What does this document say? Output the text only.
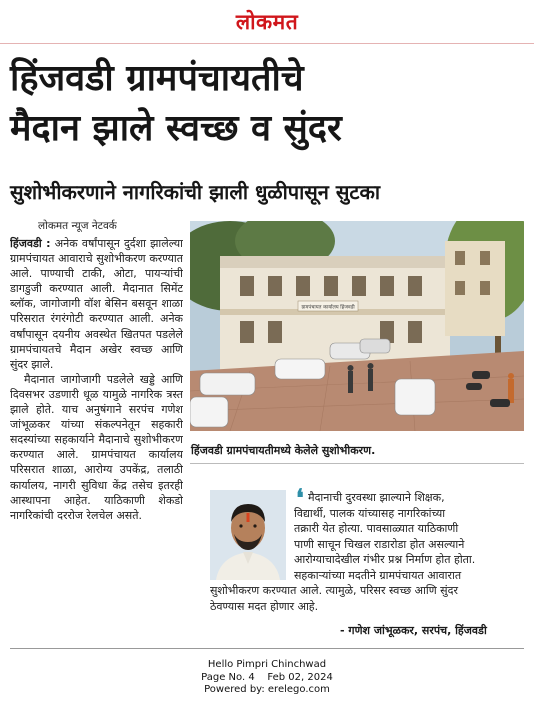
लोकमत
हिंजवडी ग्रामपंचायतीचे
मैदान झाले स्वच्छ व सुंदर
सुशोभीकरणाने नागरिकांची झाली धुळीपासून सुटका
लोकमत न्यूज नेटवर्क

हिंजवडी : अनेक वर्षांपासून दुर्दशा झालेल्या ग्रामपंचायत आवाराचे सुशोभीकरण करण्यात आले. पाण्याची टाकी, ओटा, पायऱ्यांची डागडुजी करण्यात आली. मैदानात सिमेंट ब्लॉक, जागोजागी वॉश बेसिन बसवून शाळा परिसरात रंगरंगोटी करण्यात आली. अनेक वर्षांपासून दयनीय अवस्थेत खितपत पडलेले ग्रामपंचायतचे मैदान अखेर स्वच्छ आणि सुंदर झाले.

मैदानात जागोजागी पडलेले खड्डे आणि दिवसभर उडणारी धूळ यामुळे नागरिक त्रस्त झाले होते. याच अनुषंगाने सरपंच गणेश जांभूळकर यांच्या संकल्पनेतून सहकारी सदस्यांच्या सहकार्याने मैदानाचे सुशोभीकरण करण्यात आले. ग्रामपंचायत कार्यालय परिसरात शाळा, आरोग्य उपकेंद्र, तलाठी कार्यालय, नागरी सुविधा केंद्र तसेच इतरही आस्थापना आहेत. याठिकाणी शेकडो नागरिकांची दररोज रेलचेल असते.

ग्रामपंचायत कार्यालय हिंजवडी
हिंजवडी ग्रामपंचायतीमध्ये केलेले सुशोभीकरण.
❛ मैदानाची दुरवस्था झाल्याने शिक्षक,
विद्यार्थी, पालक यांच्यासह नागरिकांच्या
तक्रारी येत होत्या. पावसाळ्यात याठिकाणी
पाणी साचून चिखल राडारोडा होत असल्याने
आरोग्याचादेखील गंभीर प्रश्न निर्माण होत होता.
सहकाऱ्यांच्या मदतीने ग्रामपंचायत आवारात
सुशोभीकरण करण्यात आले. त्यामुळे, परिसर स्वच्छ आणि सुंदर
ठेवण्यास मदत होणार आहे.
- गणेश जांभूळकर, सरपंच, हिंजवडी
Hello Pimpri Chinchwad
Page No. 4    Feb 02, 2024
Powered by: erelego.com
